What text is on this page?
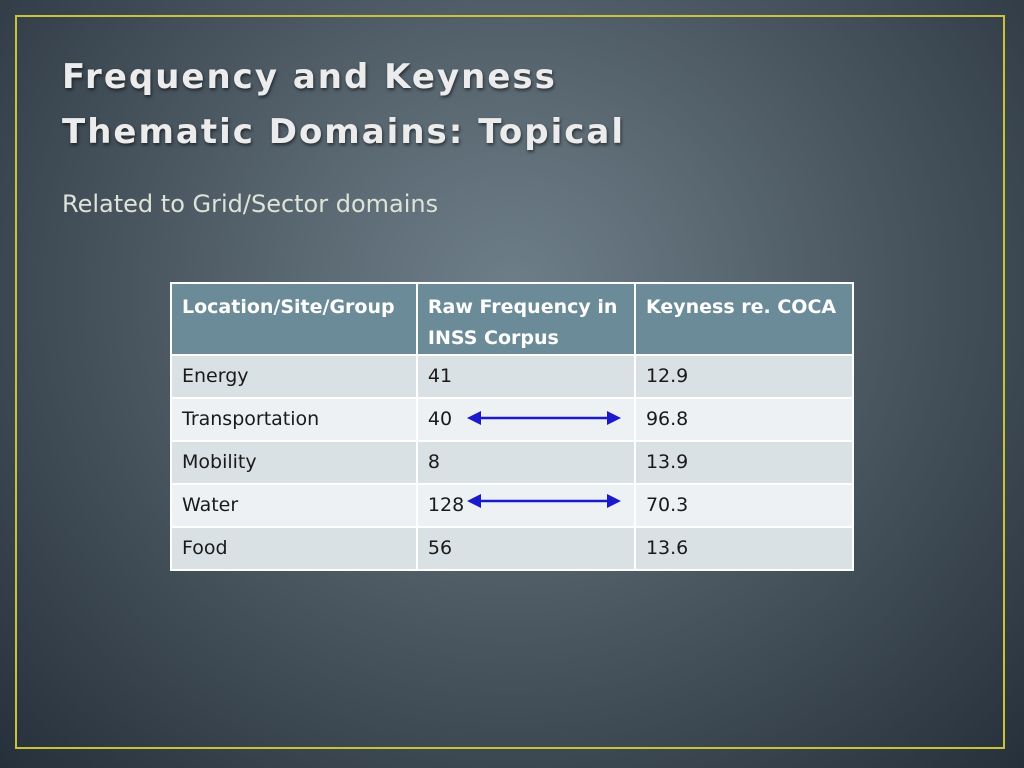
Frequency and Keyness
Thematic Domains: Topical

Related to Grid/Sector domains

Location/Site/Group	Raw Frequency in INSS Corpus	Keyness re. COCA
Energy	41	12.9
Transportation	40	96.8
Mobility	8	13.9
Water	128	70.3
Food	56	13.6
